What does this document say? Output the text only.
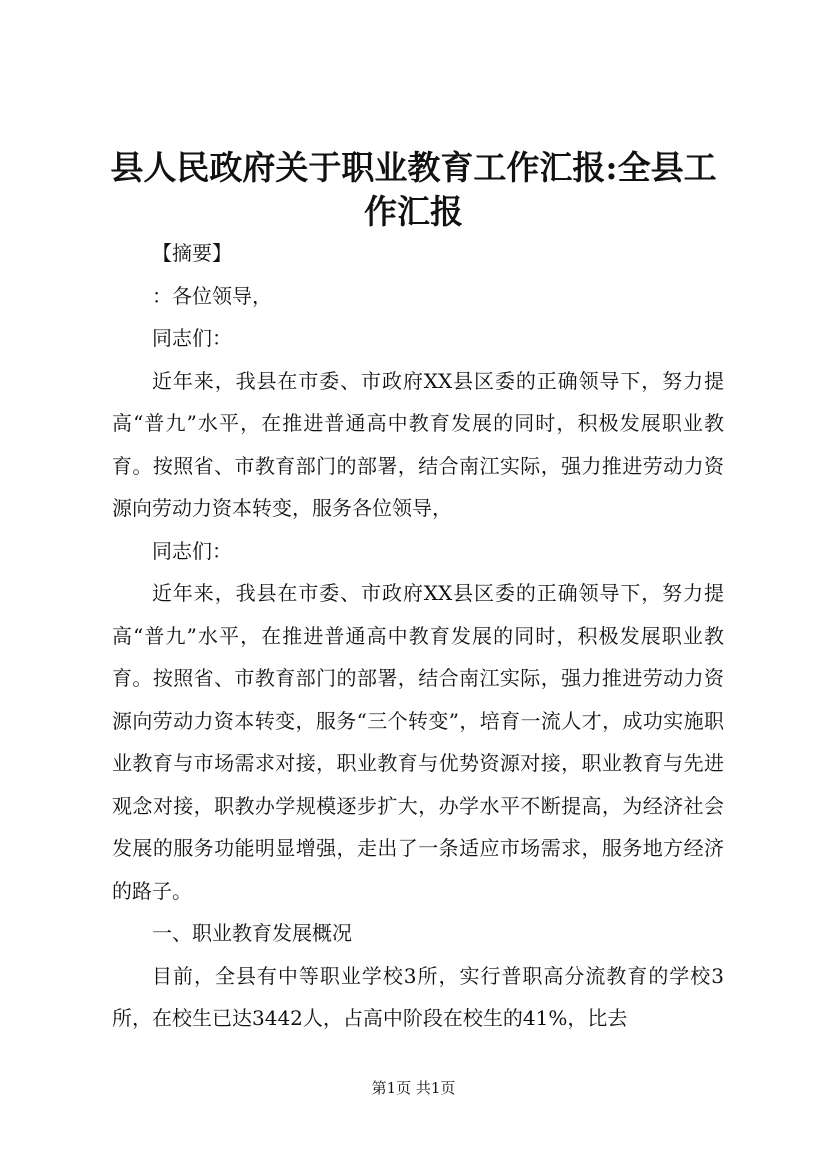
县人民政府关于职业教育工作汇报:全县工作汇报

【摘要】

：各位领导，

同志们：

近年来，我县在市委、市政府XX县区委的正确领导下，努力提高“普九”水平，在推进普通高中教育发展的同时，积极发展职业教育。按照省、市教育部门的部署，结合南江实际，强力推进劳动力资源向劳动力资本转变，服务各位领导，

同志们：

近年来，我县在市委、市政府XX县区委的正确领导下，努力提高“普九”水平，在推进普通高中教育发展的同时，积极发展职业教育。按照省、市教育部门的部署，结合南江实际，强力推进劳动力资源向劳动力资本转变，服务“三个转变”，培育一流人才，成功实施职业教育与市场需求对接，职业教育与优势资源对接，职业教育与先进观念对接，职教办学规模逐步扩大，办学水平不断提高，为经济社会发展的服务功能明显增强，走出了一条适应市场需求，服务地方经济的路子。

一、职业教育发展概况

目前，全县有中等职业学校3所，实行普职高分流教育的学校3所，在校生已达3442人，占高中阶段在校生的41%，比去

第1页 共1页
